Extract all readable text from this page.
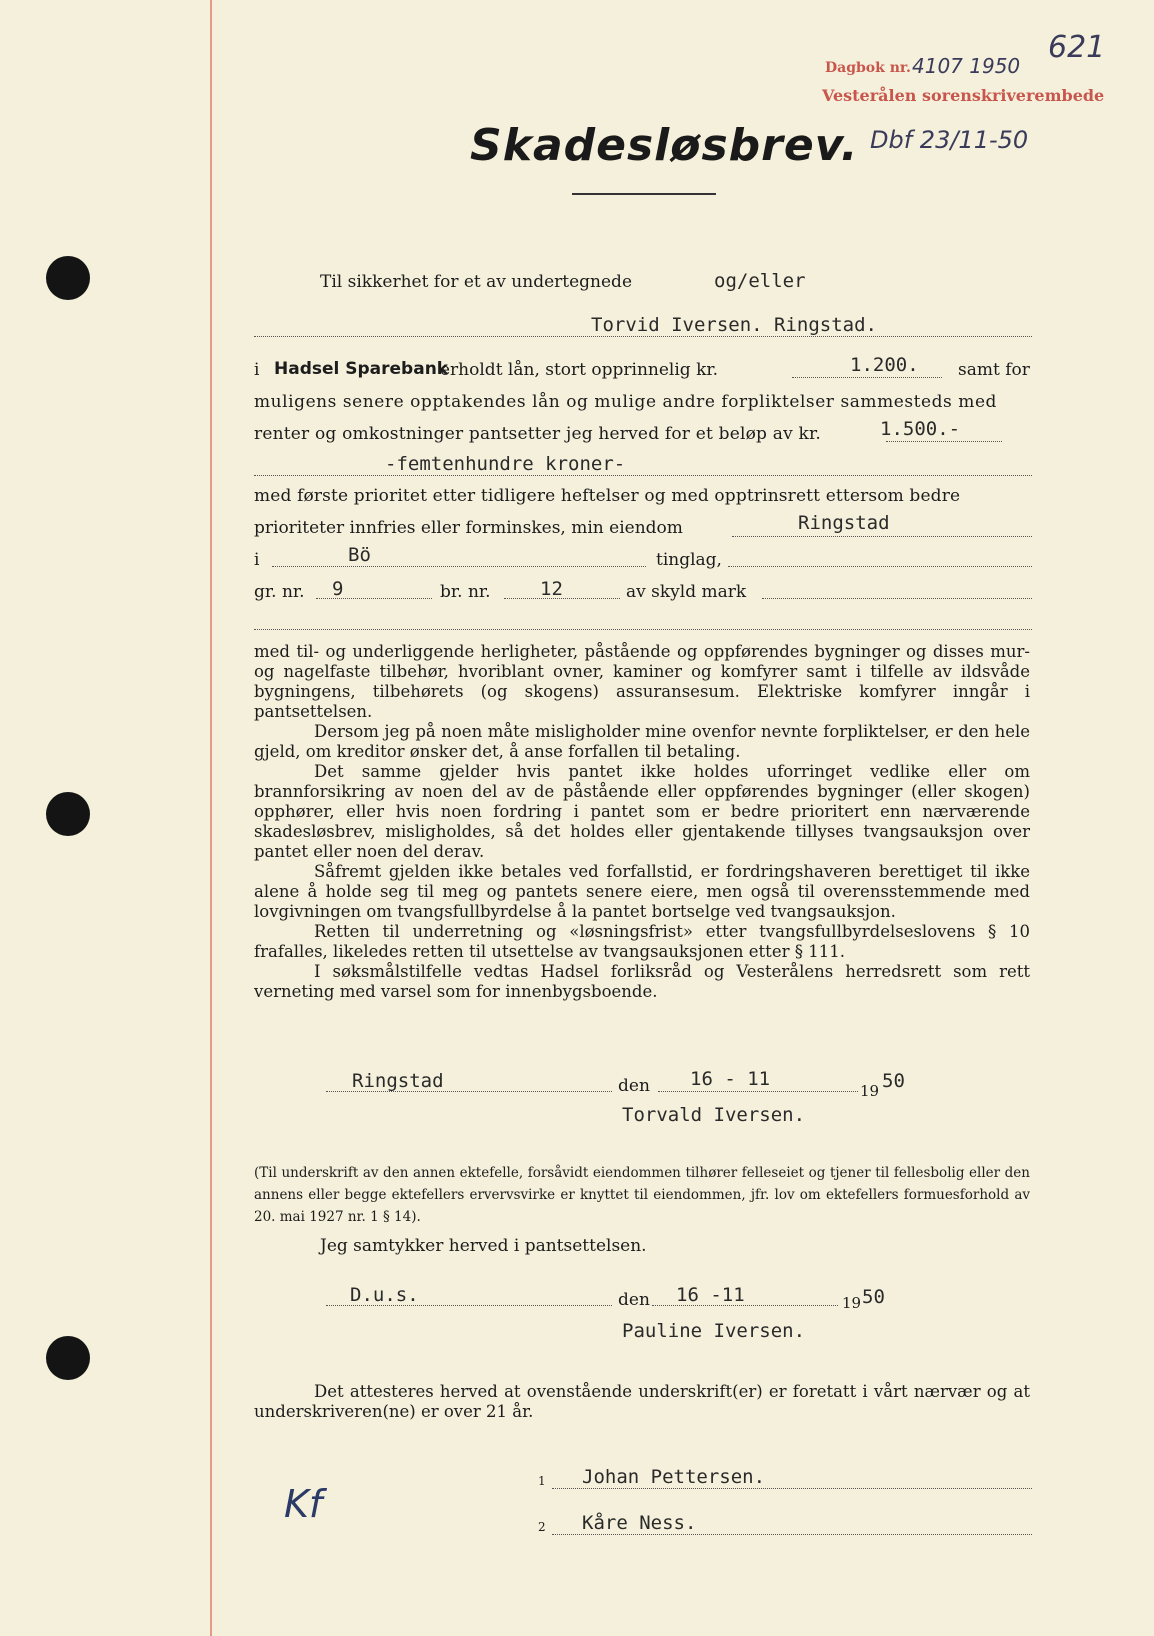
Dagbok nr. 4107 1950
Vesterålen sorenskriverembede
621
Dbf 23/11-50
Skadesløsbrev.
Til sikkerhet for et av undertegnede	og/eller
Torvid Iversen. Ringstad.
i Hadsel Sparebank
erholdt lån, stort opprinnelig kr.	1.200. samt for
muligens senere opptakendes lån og mulige andre forpliktelser sammesteds med
renter og omkostninger pantsetter jeg herved for et beløp av kr.	1.500.-
-femtenhundre kroner-
med første prioritet etter tidligere heftelser og med opptrinsrett ettersom bedre
prioriteter innfries eller forminskes, min eiendom	Ringstad
i	Bö	tinglag,
gr. nr. 9	br. nr.	12	av skyld mark

med til- og underliggende herligheter, påstående og oppførendes bygninger og disses mur- og nagelfaste tilbehør, hvoriblant ovner, kaminer og komfyrer samt i tilfelle av ildsvåde bygningens, tilbehørets (og skogens) assuransesum. Elektriske komfyrer inngår i pantsettelsen.

Dersom jeg på noen måte misligholder mine ovenfor nevnte forpliktelser, er den hele gjeld, om kreditor ønsker det, å anse forfallen til betaling.

Det samme gjelder hvis pantet ikke holdes uforringet vedlike eller om brannforsikring av noen del av de påstående eller oppførendes bygninger (eller skogen) opphører, eller hvis noen fordring i pantet som er bedre prioritert enn nærværende skadesløsbrev, misligholdes, så det holdes eller gjentakende tillyses tvangsauksjon over pantet eller noen del derav.

Såfremt gjelden ikke betales ved forfallstid, er fordringshaveren berettiget til ikke alene å holde seg til meg og pantets senere eiere, men også til overensstemmende med lovgivningen om tvangsfullbyrdelse å la pantet bortselge ved tvangsauksjon.

Retten til underretning og «løsningsfrist» etter tvangsfullbyrdelseslovens § 10 frafalles, likeledes retten til utsettelse av tvangsauksjonen etter § 111.

I søksmålstilfelle vedtas Hadsel forliksråd og Vesterålens herredsrett som rett verneting med varsel som for innenbygsboende.

Ringstad	den 16 - 11
19 50
Torvald Iversen.
(Til underskrift av den annen ektefelle, forsåvidt eiendommen tilhører felleseiet og tjener til fellesbolig eller den annens eller begge ektefellers ervervsvirke er knyttet til eiendommen, jfr. lov om ektefellers formuesforhold av 20. mai 1927 nr. 1 § 14).
Jeg samtykker herved i pantsettelsen.
D.u.s.	den 16 -11	19 50
Pauline Iversen.

Det attesteres herved at ovenstående underskrift(er) er foretatt i vårt nærvær og at underskriveren(ne) er over 21 år.

1 Johan Pettersen.
2 Kåre Ness.
Kf
